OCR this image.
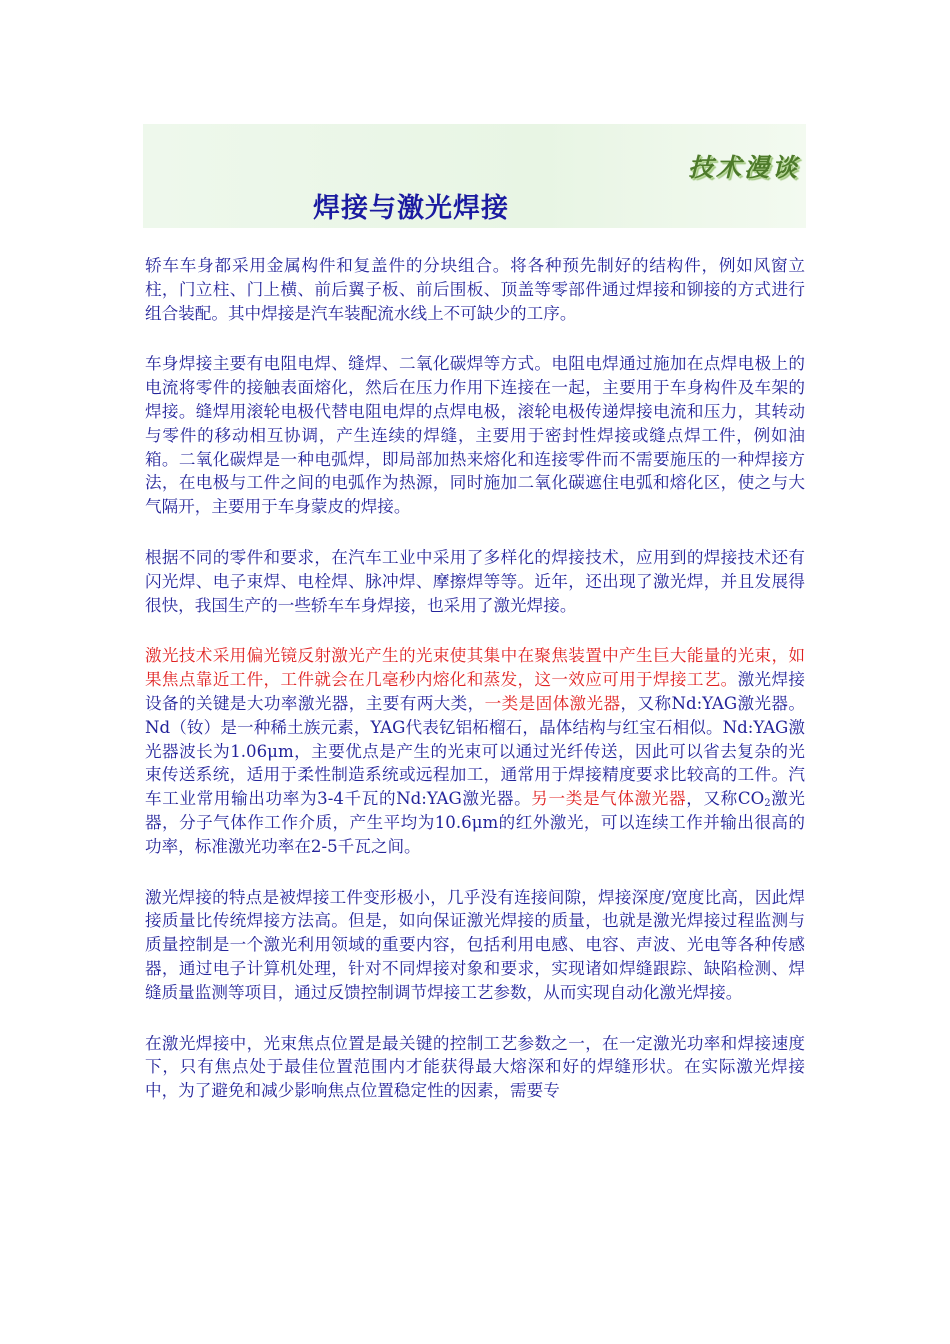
技术漫谈
焊接与激光焊接

轿车车身都采用金属构件和复盖件的分块组合。将各种预先制好的结构件，例如风窗立柱，门立柱、门上横、前后翼子板、前后围板、顶盖等零部件通过焊接和铆接的方式进行组合装配。其中焊接是汽车装配流水线上不可缺少的工序。

车身焊接主要有电阻电焊、缝焊、二氧化碳焊等方式。电阻电焊通过施加在点焊电极上的电流将零件的接触表面熔化，然后在压力作用下连接在一起，主要用于车身构件及车架的焊接。缝焊用滚轮电极代替电阻电焊的点焊电极，滚轮电极传递焊接电流和压力，其转动与零件的移动相互协调，产生连续的焊缝，主要用于密封性焊接或缝点焊工件，例如油箱。二氧化碳焊是一种电弧焊，即局部加热来熔化和连接零件而不需要施压的一种焊接方法，在电极与工件之间的电弧作为热源，同时施加二氧化碳遮住电弧和熔化区，使之与大气隔开，主要用于车身蒙皮的焊接。

根据不同的零件和要求，在汽车工业中采用了多样化的焊接技术，应用到的焊接技术还有闪光焊、电子束焊、电栓焊、脉冲焊、摩擦焊等等。近年，还出现了激光焊，并且发展得很快，我国生产的一些轿车车身焊接，也采用了激光焊接。

激光技术采用偏光镜反射激光产生的光束使其集中在聚焦装置中产生巨大能量的光束，如果焦点靠近工件，工件就会在几毫秒内熔化和蒸发，这一效应可用于焊接工艺。激光焊接设备的关键是大功率激光器，主要有两大类，一类是固体激光器，又称Nd:YAG激光器。Nd（钕）是一种稀土族元素，YAG代表钇铝柘榴石，晶体结构与红宝石相似。Nd:YAG激光器波长为1.06μm，主要优点是产生的光束可以通过光纤传送，因此可以省去复杂的光束传送系统，适用于柔性制造系统或远程加工，通常用于焊接精度要求比较高的工件。汽车工业常用输出功率为3-4千瓦的Nd:YAG激光器。另一类是气体激光器，又称$CO_2$激光器，分子气体作工作介质，产生平均为10.6μm的红外激光，可以连续工作并输出很高的功率，标准激光功率在2-5千瓦之间。

激光焊接的特点是被焊接工件变形极小，几乎没有连接间隙，焊接深度/宽度比高，因此焊接质量比传统焊接方法高。但是，如向保证激光焊接的质量，也就是激光焊接过程监测与质量控制是一个激光利用领域的重要内容，包括利用电感、电容、声波、光电等各种传感器，通过电子计算机处理，针对不同焊接对象和要求，实现诸如焊缝跟踪、缺陷检测、焊缝质量监测等项目，通过反馈控制调节焊接工艺参数，从而实现自动化激光焊接。

在激光焊接中，光束焦点位置是最关键的控制工艺参数之一，在一定激光功率和焊接速度下，只有焦点处于最佳位置范围内才能获得最大熔深和好的焊缝形状。在实际激光焊接中，为了避免和减少影响焦点位置稳定性的因素，需要专
